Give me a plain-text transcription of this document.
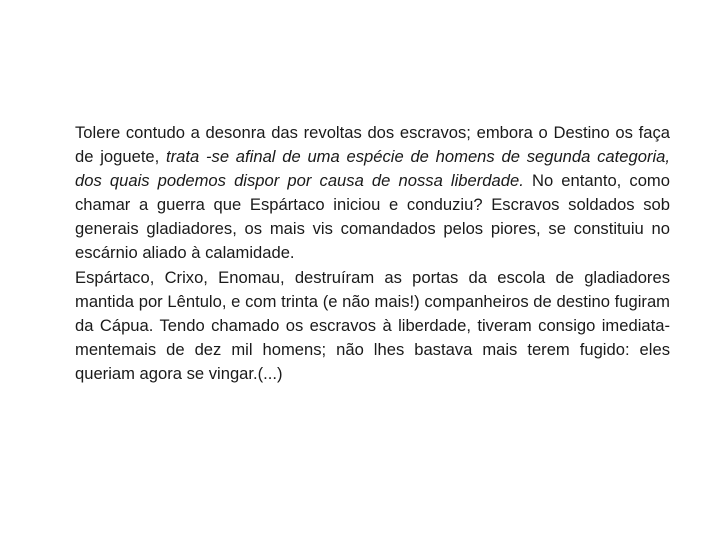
Tolere contudo a desonra das revoltas dos escravos; embora o Destino os faça de joguete, trata ‑se afinal de uma espécie de homens de segunda categoria, dos quais podemos dispor por causa de nossa liberdade. No entanto, como chamar a guerra que Espártaco iniciou e conduziu? Escravos soldados sob generais gladiadores, os mais vis comandados pelos piores, se constituiu no escárnio aliado à calamidade.

Espártaco, Crixo, Enomau, destruíram as portas da escola de gladiadores mantida por Lêntulo, e com trinta (e não mais!) companheiros de destino fugiram da Cápua. Tendo chamado os escravos à liberdade, tiveram consigo imediata-mentemais de dez mil homens; não lhes bastava mais terem fugido: eles queriam agora se vingar.(...)
